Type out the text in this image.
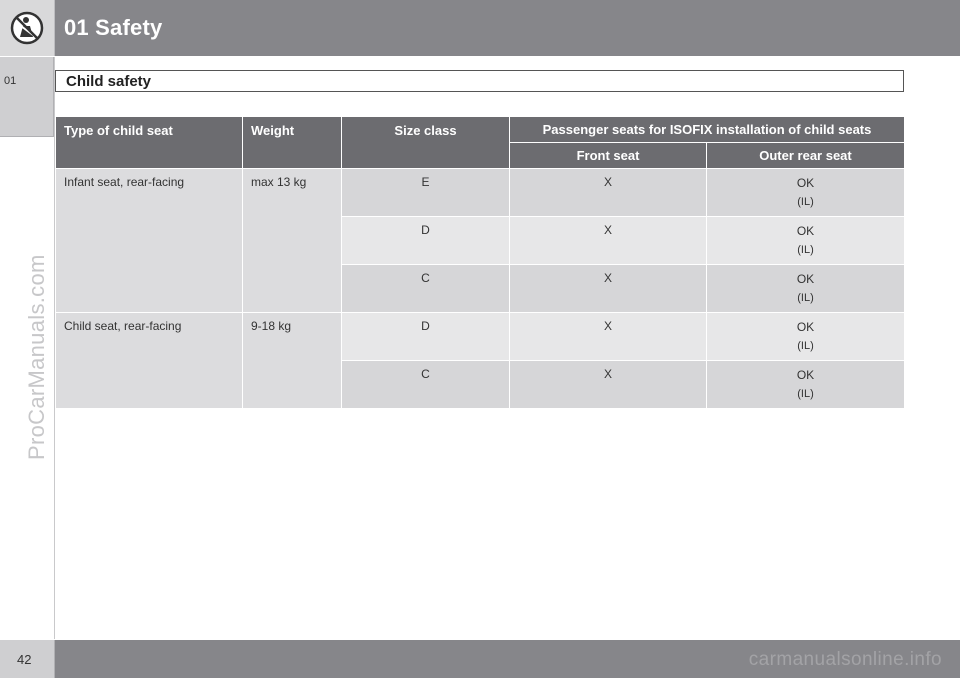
01 Safety
01
ProCarManuals.com
Child safety
Type of child seat	Weight	Size class	Passenger seats for ISOFIX installation of child seats	
			Front seat	Outer rear seat
Infant seat, rear-facing	max 13 kg	E	X	OK
(IL)

		D	X	OK
(IL)

		C	X	OK
(IL)

Child seat, rear-facing	9-18 kg	D	X	OK
(IL)

		C	X	OK
(IL)
42	carmanualsonline.info
